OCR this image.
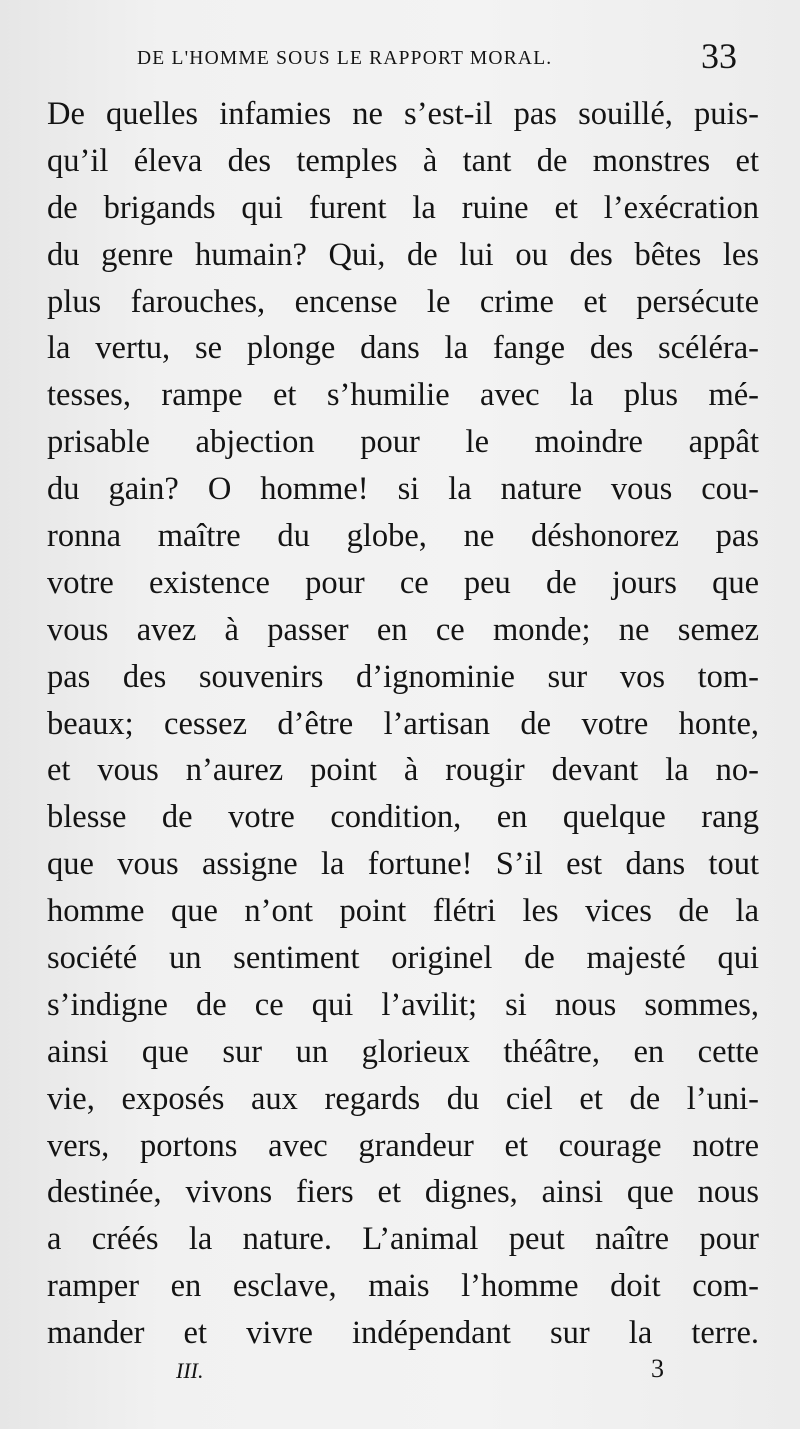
DE L'HOMME SOUS LE RAPPORT MORAL.	33
De quelles infamies ne s’est-il pas souillé, puis-
qu’il éleva des temples à tant de monstres et
de brigands qui furent la ruine et l’exécration
du genre humain? Qui, de lui ou des bêtes les
plus farouches, encense le crime et persécute
la vertu, se plonge dans la fange des scéléra-
tesses, rampe et s’humilie avec la plus mé-
prisable abjection pour le moindre appât
du gain? O homme! si la nature vous cou-
ronna maître du globe, ne déshonorez pas
votre existence pour ce peu de jours que
vous avez à passer en ce monde; ne semez
pas des souvenirs d’ignominie sur vos tom-
beaux; cessez d’être l’artisan de votre honte,
et vous n’aurez point à rougir devant la no-
blesse de votre condition, en quelque rang
que vous assigne la fortune! S’il est dans tout
homme que n’ont point flétri les vices de la
société un sentiment originel de majesté qui
s’indigne de ce qui l’avilit; si nous sommes,
ainsi que sur un glorieux théâtre, en cette
vie, exposés aux regards du ciel et de l’uni-
vers, portons avec grandeur et courage notre
destinée, vivons fiers et dignes, ainsi que nous
a créés la nature. L’animal peut naître pour
ramper en esclave, mais l’homme doit com-
mander et vivre indépendant sur la terre.
III.	3
